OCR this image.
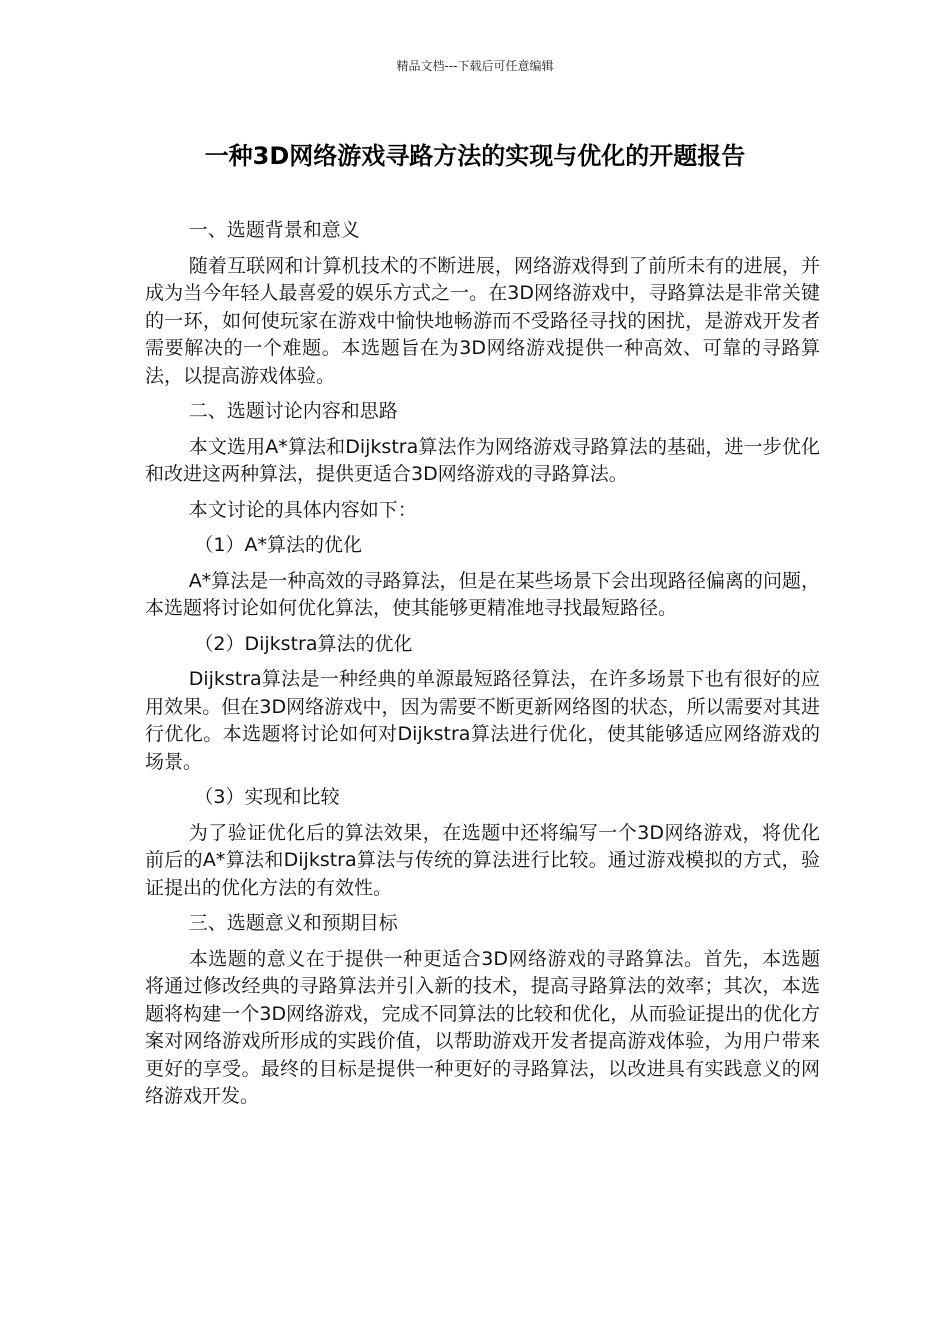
精品文档---下载后可任意编辑
一种3D网络游戏寻路方法的实现与优化的开题报告

一、选题背景和意义

随着互联网和计算机技术的不断进展，网络游戏得到了前所未有的进展，并成为当今年轻人最喜爱的娱乐方式之一。在3D网络游戏中，寻路算法是非常关键的一环，如何使玩家在游戏中愉快地畅游而不受路径寻找的困扰，是游戏开发者需要解决的一个难题。本选题旨在为3D网络游戏提供一种高效、可靠的寻路算法，以提高游戏体验。

二、选题讨论内容和思路

本文选用A*算法和Dijkstra算法作为网络游戏寻路算法的基础，进一步优化和改进这两种算法，提供更适合3D网络游戏的寻路算法。

本文讨论的具体内容如下：

（1）A*算法的优化

A*算法是一种高效的寻路算法，但是在某些场景下会出现路径偏离的问题，本选题将讨论如何优化算法，使其能够更精准地寻找最短路径。

（2）Dijkstra算法的优化

Dijkstra算法是一种经典的单源最短路径算法，在许多场景下也有很好的应用效果。但在3D网络游戏中，因为需要不断更新网络图的状态，所以需要对其进行优化。本选题将讨论如何对Dijkstra算法进行优化，使其能够适应网络游戏的场景。

（3）实现和比较

为了验证优化后的算法效果，在选题中还将编写一个3D网络游戏，将优化前后的A*算法和Dijkstra算法与传统的算法进行比较。通过游戏模拟的方式，验证提出的优化方法的有效性。

三、选题意义和预期目标

本选题的意义在于提供一种更适合3D网络游戏的寻路算法。首先，本选题将通过修改经典的寻路算法并引入新的技术，提高寻路算法的效率；其次，本选题将构建一个3D网络游戏，完成不同算法的比较和优化，从而验证提出的优化方案对网络游戏所形成的实践价值，以帮助游戏开发者提高游戏体验，为用户带来更好的享受。最终的目标是提供一种更好的寻路算法，以改进具有实践意义的网络游戏开发。
